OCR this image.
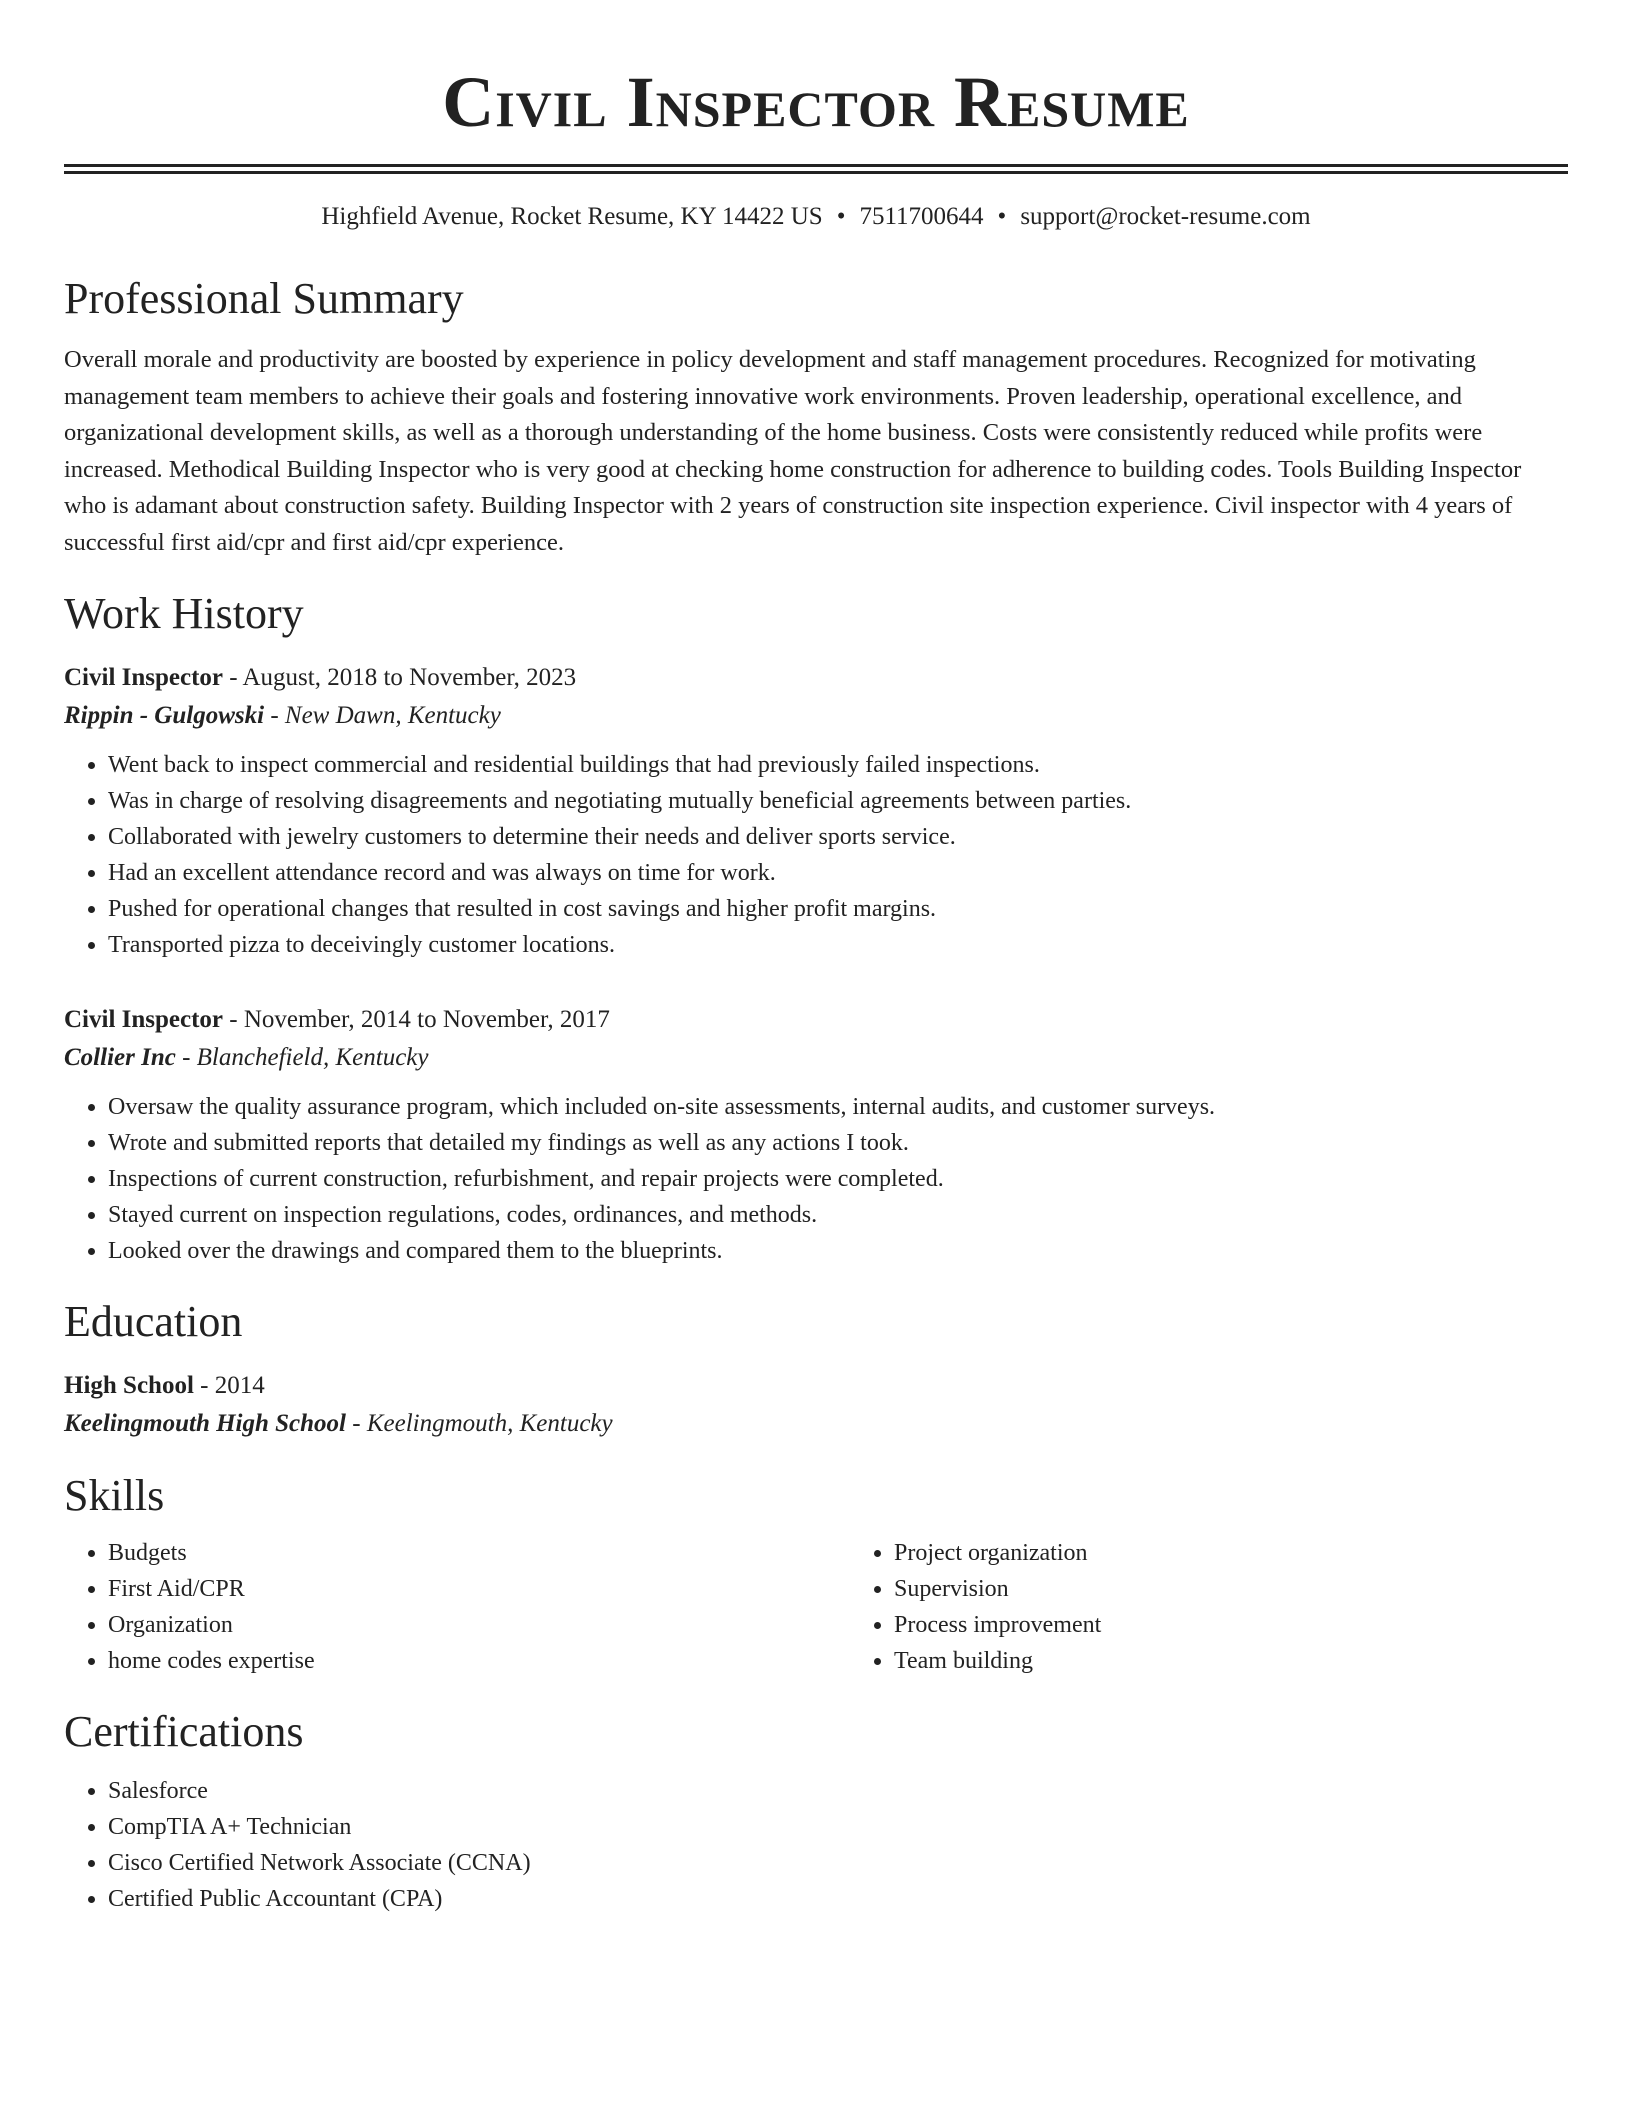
Civil Inspector Resume
Highfield Avenue, Rocket Resume, KY 14422 US • 7511700644 • support@rocket-resume.com
Professional Summary

Overall morale and productivity are boosted by experience in policy development and staff management procedures. Recognized for motivating management team members to achieve their goals and fostering innovative work environments. Proven leadership, operational excellence, and organizational development skills, as well as a thorough understanding of the home business. Costs were consistently reduced while profits were increased. Methodical Building Inspector who is very good at checking home construction for adherence to building codes. Tools Building Inspector who is adamant about construction safety. Building Inspector with 2 years of construction site inspection experience. Civil inspector with 4 years of successful first aid/cpr and first aid/cpr experience.

Work History
Civil Inspector - August, 2018 to November, 2023
Rippin - Gulgowski - New Dawn, Kentucky
• Went back to inspect commercial and residential buildings that had previously failed inspections.
• Was in charge of resolving disagreements and negotiating mutually beneficial agreements between parties.
• Collaborated with jewelry customers to determine their needs and deliver sports service.
• Had an excellent attendance record and was always on time for work.
• Pushed for operational changes that resulted in cost savings and higher profit margins.
• Transported pizza to deceivingly customer locations.
Civil Inspector - November, 2014 to November, 2017
Collier Inc - Blanchefield, Kentucky
• Oversaw the quality assurance program, which included on-site assessments, internal audits, and customer surveys.
• Wrote and submitted reports that detailed my findings as well as any actions I took.
• Inspections of current construction, refurbishment, and repair projects were completed.
• Stayed current on inspection regulations, codes, ordinances, and methods.
• Looked over the drawings and compared them to the blueprints.
Education
High School - 2014
Keelingmouth High School - Keelingmouth, Kentucky
Skills
• Budgets
• First Aid/CPR
• Organization
• home codes expertise
• Project organization
• Supervision
• Process improvement
• Team building
Certifications
• Salesforce
• CompTIA A+ Technician
• Cisco Certified Network Associate (CCNA)
• Certified Public Accountant (CPA)
